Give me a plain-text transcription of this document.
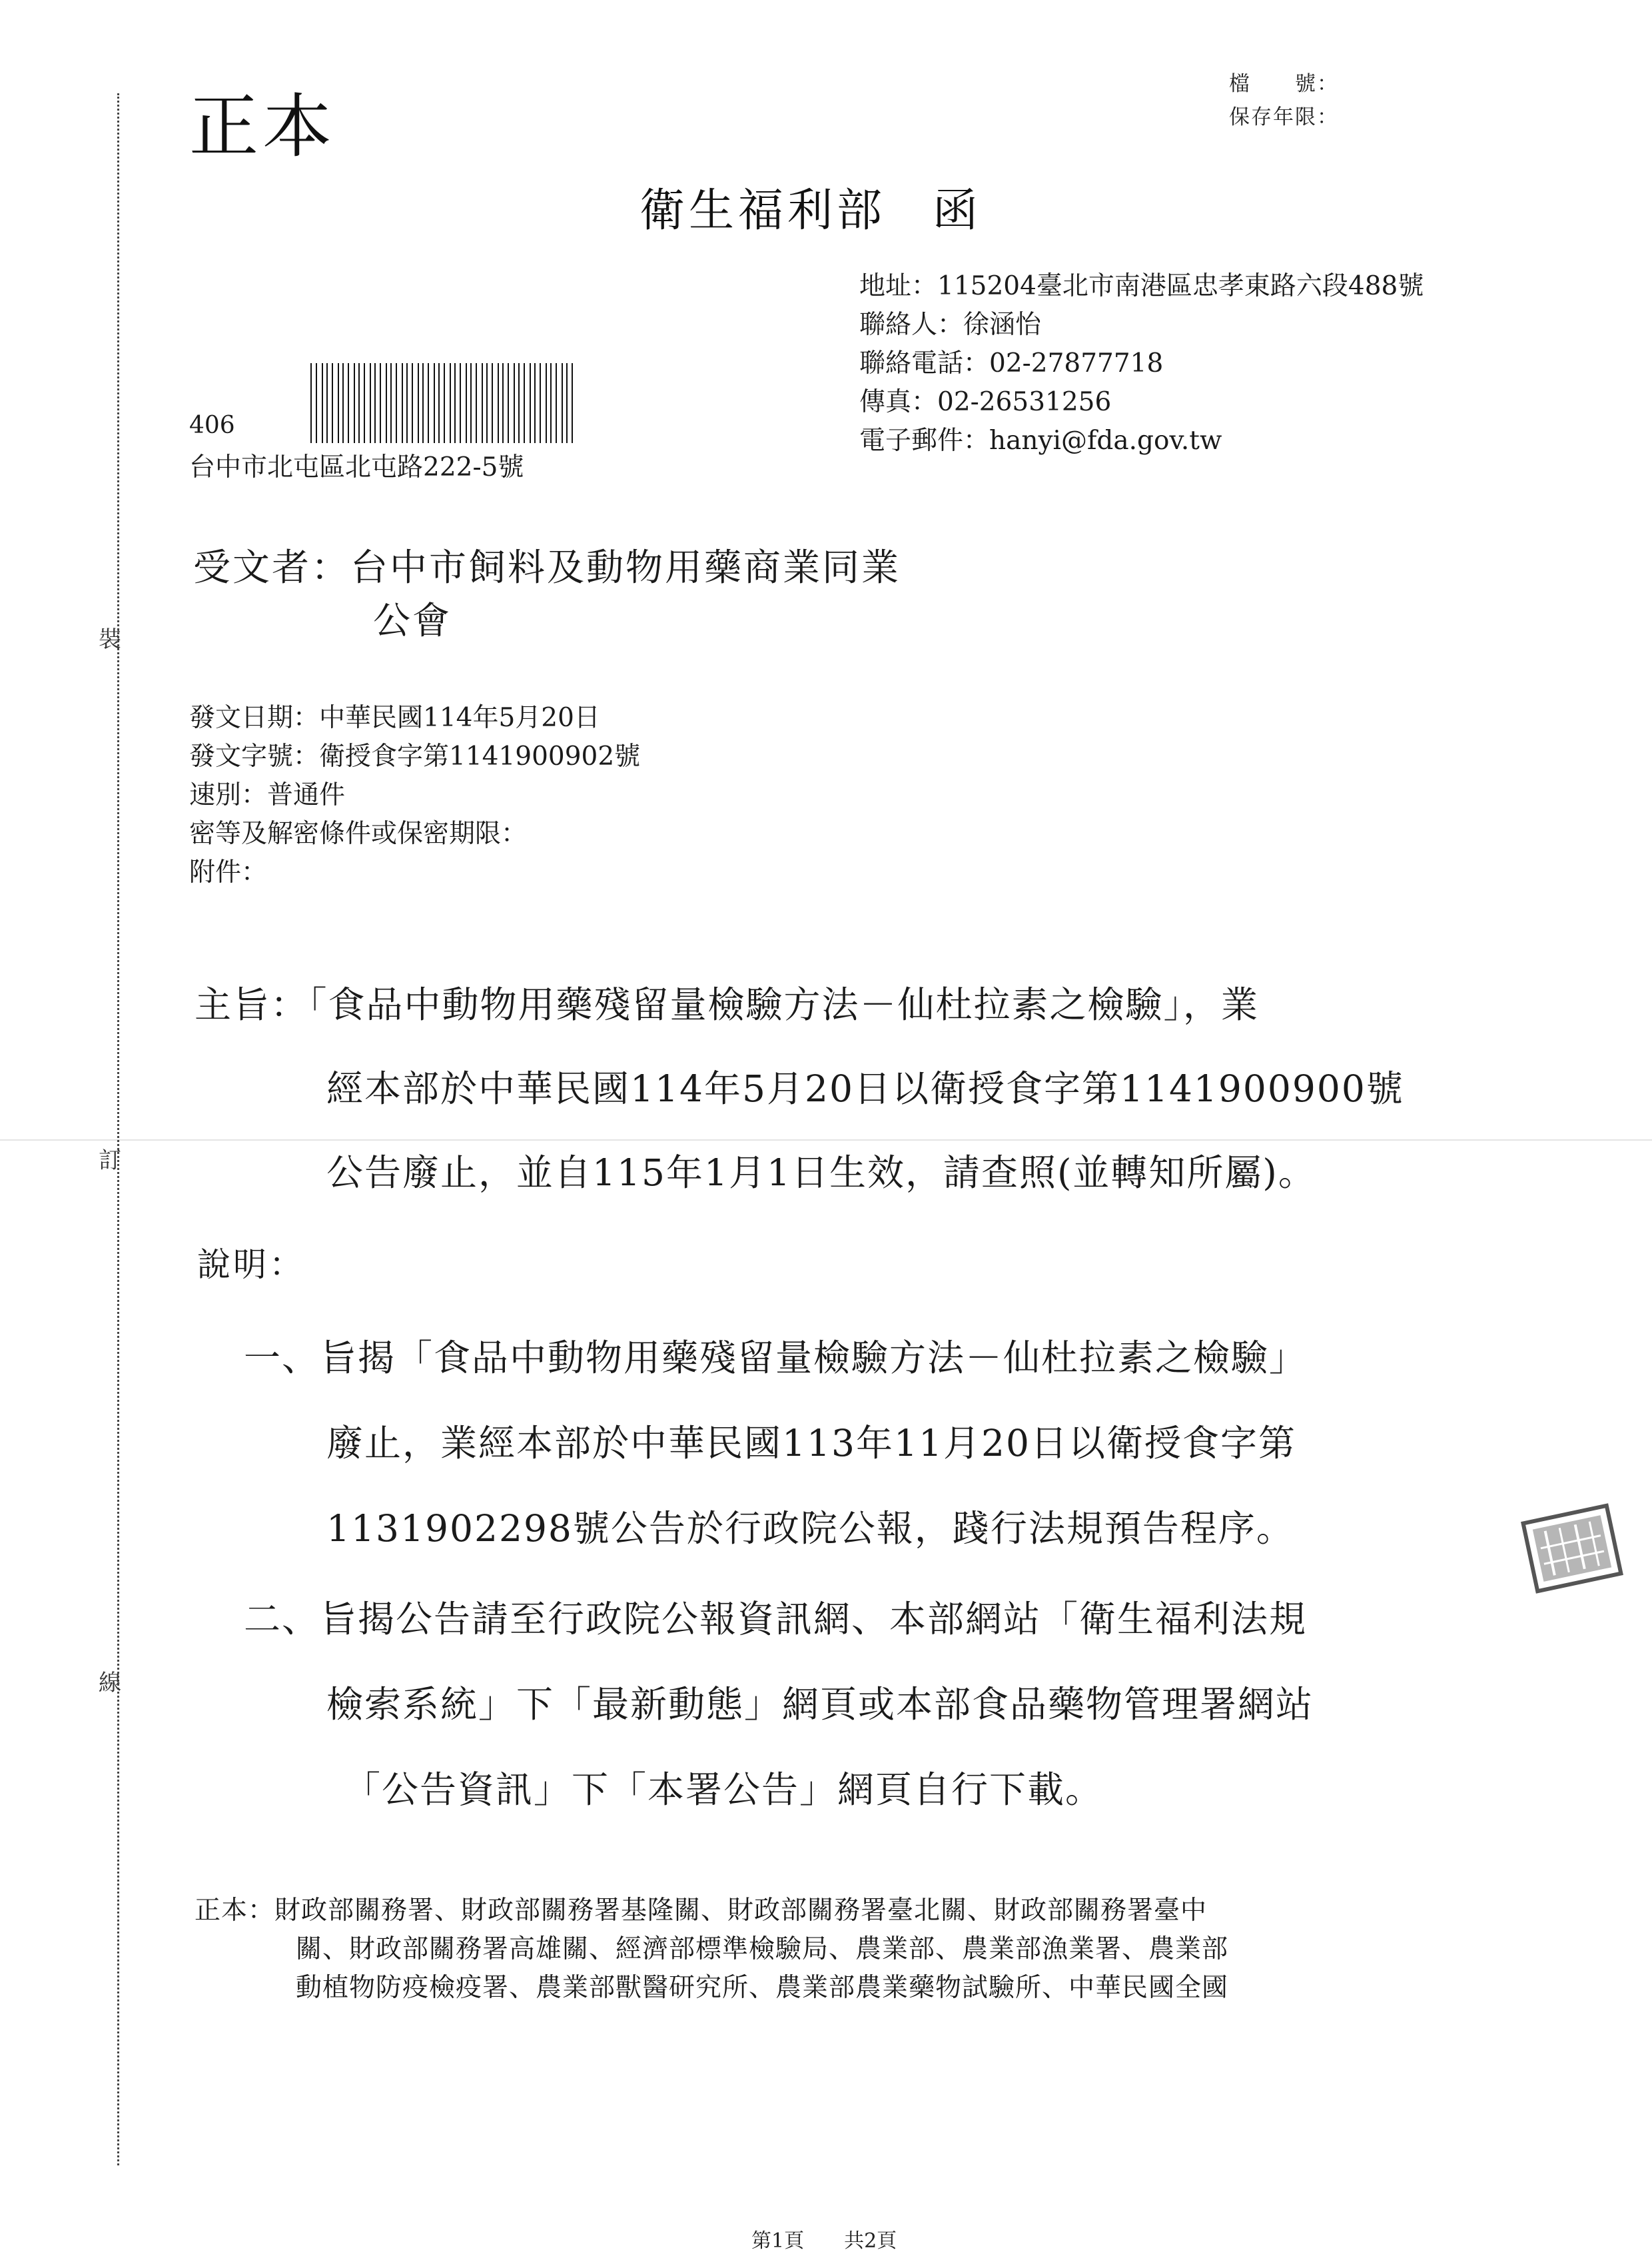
裝
訂
線
正本
檔　　號：
保存年限：
衛生福利部 函
地址：115204臺北市南港區忠孝東路六段488號
聯絡人：徐涵怡
聯絡電話：02-27877718
傳真：02-26531256
電子郵件：hanyi@fda.gov.tw
406
台中市北屯區北屯路222-5號
受文者：台中市飼料及動物用藥商業同業
公會
發文日期：中華民國114年5月20日
發文字號：衛授食字第1141900902號
速別：普通件
密等及解密條件或保密期限：
附件：
主旨：「食品中動物用藥殘留量檢驗方法－仙杜拉素之檢驗」，業
經本部於中華民國114年5月20日以衛授食字第1141900900號
公告廢止，並自115年1月1日生效，請查照(並轉知所屬)。
說明：
一、旨揭「食品中動物用藥殘留量檢驗方法－仙杜拉素之檢驗」
廢止，業經本部於中華民國113年11月20日以衛授食字第
1131902298號公告於行政院公報，踐行法規預告程序。
二、旨揭公告請至行政院公報資訊網、本部網站「衛生福利法規
檢索系統」下「最新動態」網頁或本部食品藥物管理署網站
「公告資訊」下「本署公告」網頁自行下載。
正本：財政部關務署、財政部關務署基隆關、財政部關務署臺北關、財政部關務署臺中
關、財政部關務署高雄關、經濟部標準檢驗局、農業部、農業部漁業署、農業部
動植物防疫檢疫署、農業部獸醫研究所、農業部農業藥物試驗所、中華民國全國
第1頁　　 共2頁
